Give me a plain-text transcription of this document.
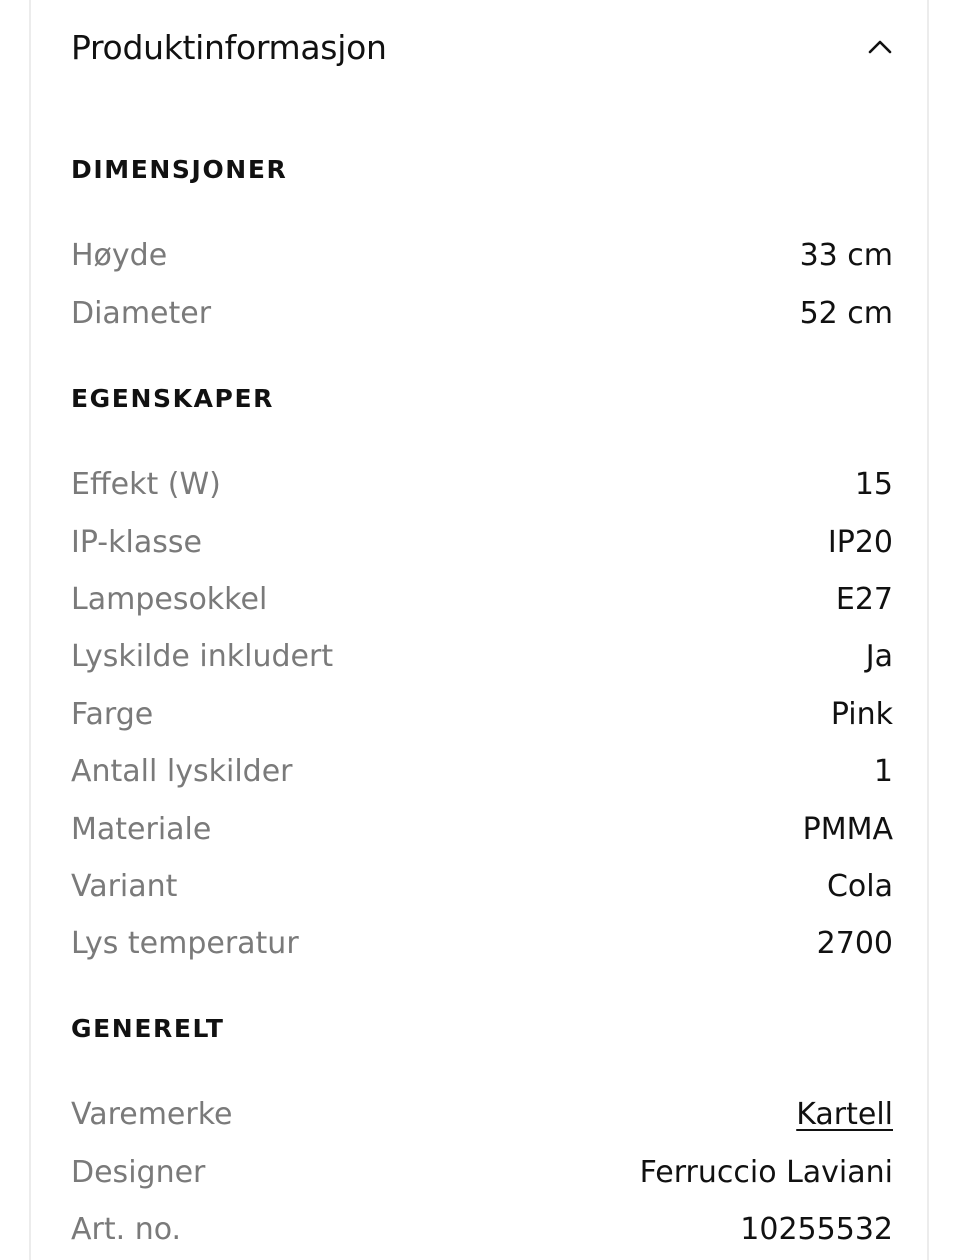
Produktinformasjon
DIMENSJONER
Høyde	33 cm
Diameter	52 cm
EGENSKAPER
Effekt (W)	15
IP-klasse	IP20
Lampesokkel	E27
Lyskilde inkludert	Ja
Farge	Pink
Antall lyskilder	1
Materiale	PMMA
Variant	Cola
Lys temperatur	2700
GENERELT
Varemerke	Kartell
Designer	Ferruccio Laviani
Art. no.	10255532
